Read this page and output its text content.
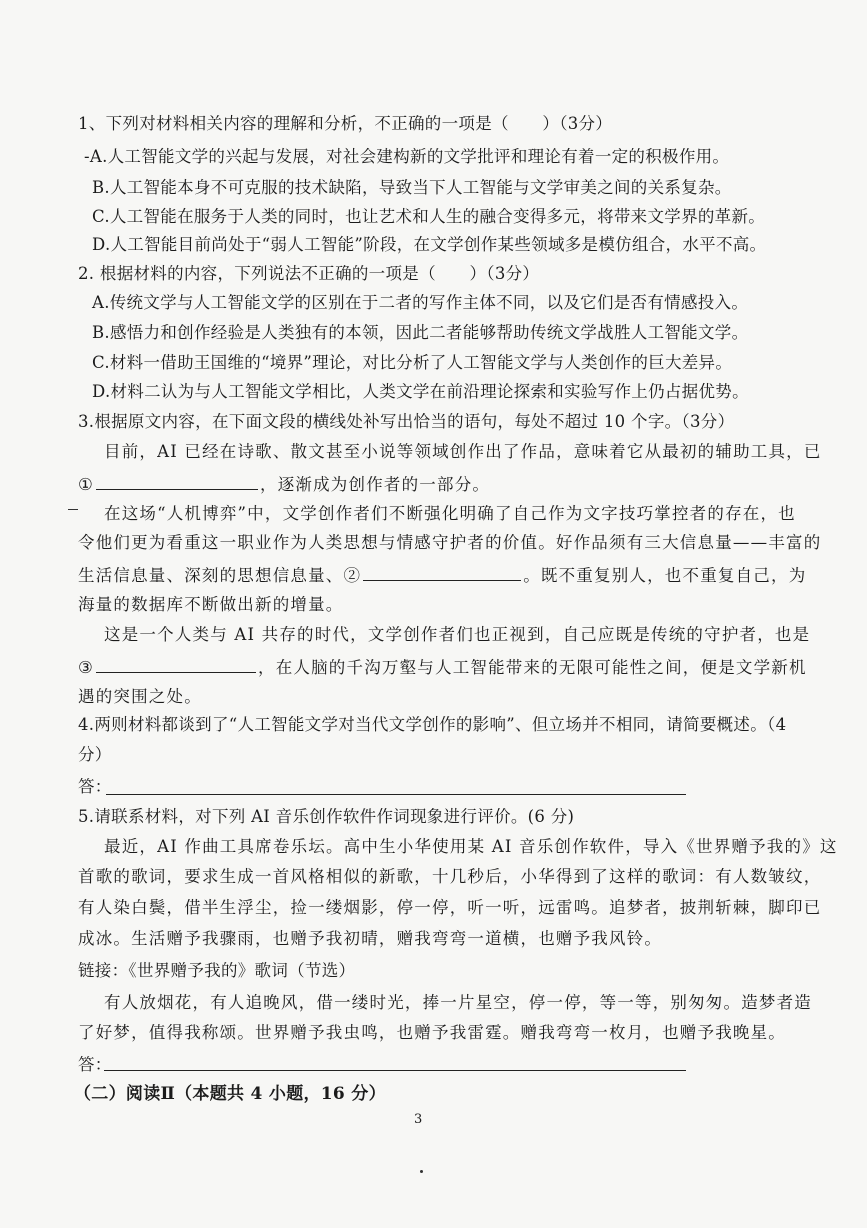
1、下列对材料相关内容的理解和分析，不正确的一项是（　　）（3分）
-A.人工智能文学的兴起与发展，对社会建构新的文学批评和理论有着一定的积极作用。
B.人工智能本身不可克服的技术缺陷，导致当下人工智能与文学审美之间的关系复杂。
C.人工智能在服务于人类的同时，也让艺术和人生的融合变得多元，将带来文学界的革新。
D.人工智能目前尚处于“弱人工智能”阶段，在文学创作某些领域多是模仿组合，水平不高。
2. 根据材料的内容，下列说法不正确的一项是（　　）（3分）
A.传统文学与人工智能文学的区别在于二者的写作主体不同，以及它们是否有情感投入。
B.感悟力和创作经验是人类独有的本领，因此二者能够帮助传统文学战胜人工智能文学。
C.材料一借助王国维的“境界”理论，对比分析了人工智能文学与人类创作的巨大差异。
D.材料二认为与人工智能文学相比，人类文学在前沿理论探索和实验写作上仍占据优势。
3.根据原文内容，在下面文段的横线处补写出恰当的语句，每处不超过 10 个字。（3分）
目前，AI 已经在诗歌、散文甚至小说等领域创作出了作品，意味着它从最初的辅助工具，已
①	，逐渐成为创作者的一部分。
在这场“人机博弈”中，文学创作者们不断强化明确了自己作为文字技巧掌控者的存在，也
令他们更为看重这一职业作为人类思想与情感守护者的价值。好作品须有三大信息量——丰富的
生活信息量、深刻的思想信息量、②	。既不重复别人，也不重复自己，为
海量的数据库不断做出新的增量。
这是一个人类与 AI 共存的时代，文学创作者们也正视到，自己应既是传统的守护者，也是
③	，在人脑的千沟万壑与人工智能带来的无限可能性之间，便是文学新机
遇的突围之处。
4.两则材料都谈到了“人工智能文学对当代文学创作的影响”、但立场并不相同，请简要概述。（4
分）
答：
5.请联系材料，对下列 AI 音乐创作软件作词现象进行评价。(6 分)
最近，AI 作曲工具席卷乐坛。高中生小华使用某 AI 音乐创作软件，导入《世界赠予我的》这
首歌的歌词，要求生成一首风格相似的新歌，十几秒后，小华得到了这样的歌词：有人数皱纹，
有人染白鬓，借半生浮尘，捡一缕烟影，停一停，听一听，远雷鸣。追梦者，披荆斩棘，脚印已
成冰。生活赠予我骤雨，也赠予我初晴，赠我弯弯一道横，也赠予我风铃。
链接：《世界赠予我的》歌词（节选）
有人放烟花，有人追晚风，借一缕时光，捧一片星空，停一停，等一等，别匆匆。造梦者造
了好梦，值得我称颂。世界赠予我虫鸣，也赠予我雷霆。赠我弯弯一枚月，也赠予我晚星。
答：
（二）阅读Ⅱ（本题共 4 小题，16 分）
3
